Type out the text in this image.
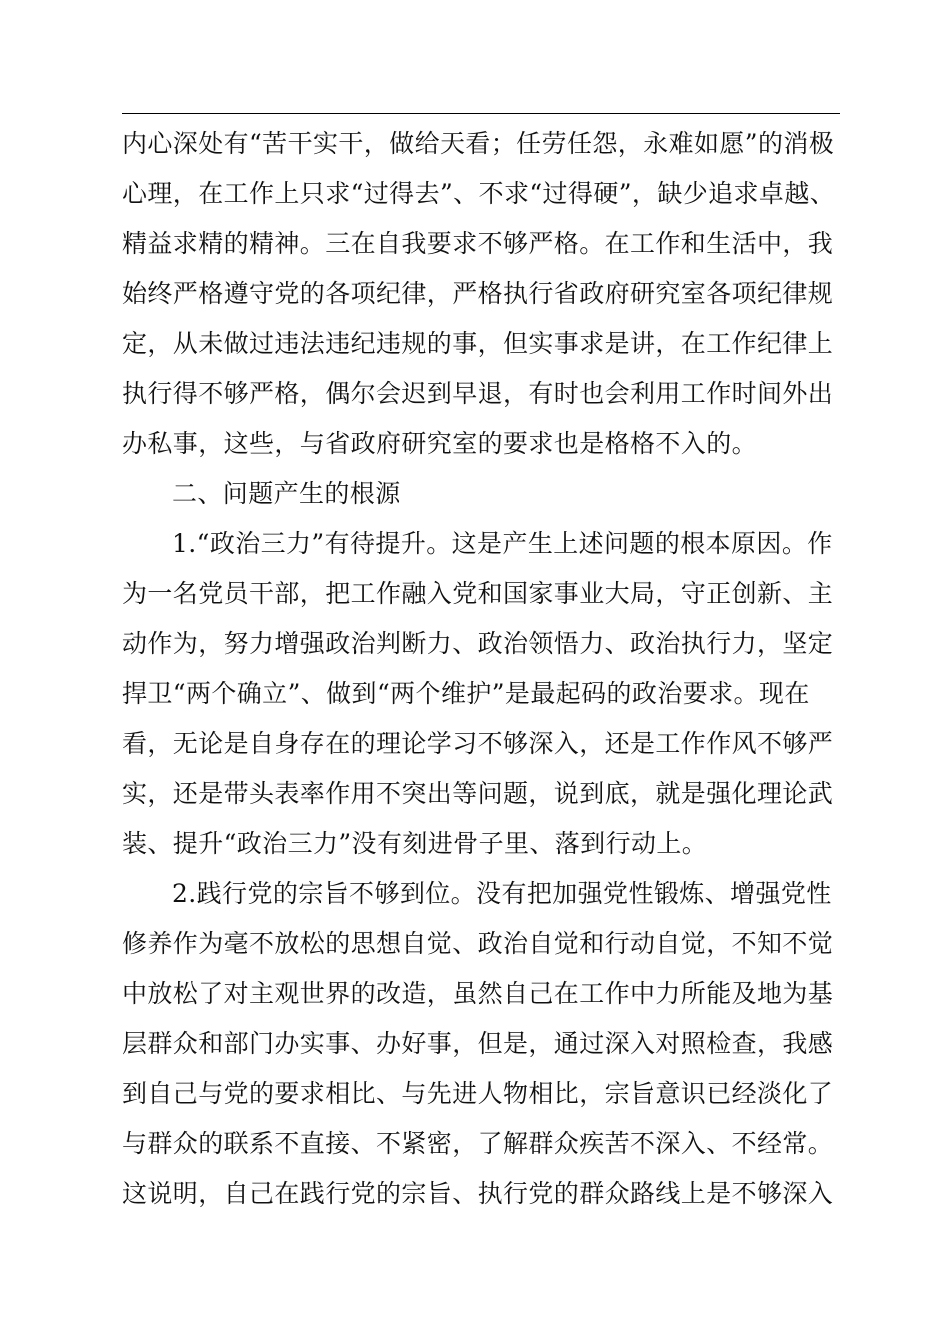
内心深处有“苦干实干，做给天看；任劳任怨，永难如愿”的消极
心理，在工作上只求“过得去”、不求“过得硬”，缺少追求卓越、
精益求精的精神。三在自我要求不够严格。在工作和生活中，我
始终严格遵守党的各项纪律，严格执行省政府研究室各项纪律规
定，从未做过违法违纪违规的事，但实事求是讲，在工作纪律上
执行得不够严格，偶尔会迟到早退，有时也会利用工作时间外出
办私事，这些，与省政府研究室的要求也是格格不入的。
二、问题产生的根源
1.“政治三力”有待提升。这是产生上述问题的根本原因。作
为一名党员干部，把工作融入党和国家事业大局，守正创新、主
动作为，努力增强政治判断力、政治领悟力、政治执行力，坚定
捍卫“两个确立”、做到“两个维护”是最起码的政治要求。现在
看，无论是自身存在的理论学习不够深入，还是工作作风不够严
实，还是带头表率作用不突出等问题，说到底，就是强化理论武
装、提升“政治三力”没有刻进骨子里、落到行动上。
2.践行党的宗旨不够到位。没有把加强党性锻炼、增强党性
修养作为毫不放松的思想自觉、政治自觉和行动自觉，不知不觉
中放松了对主观世界的改造，虽然自己在工作中力所能及地为基
层群众和部门办实事、办好事，但是，通过深入对照检查，我感
到自己与党的要求相比、与先进人物相比，宗旨意识已经淡化了
与群众的联系不直接、不紧密，了解群众疾苦不深入、不经常。
这说明，自己在践行党的宗旨、执行党的群众路线上是不够深入
